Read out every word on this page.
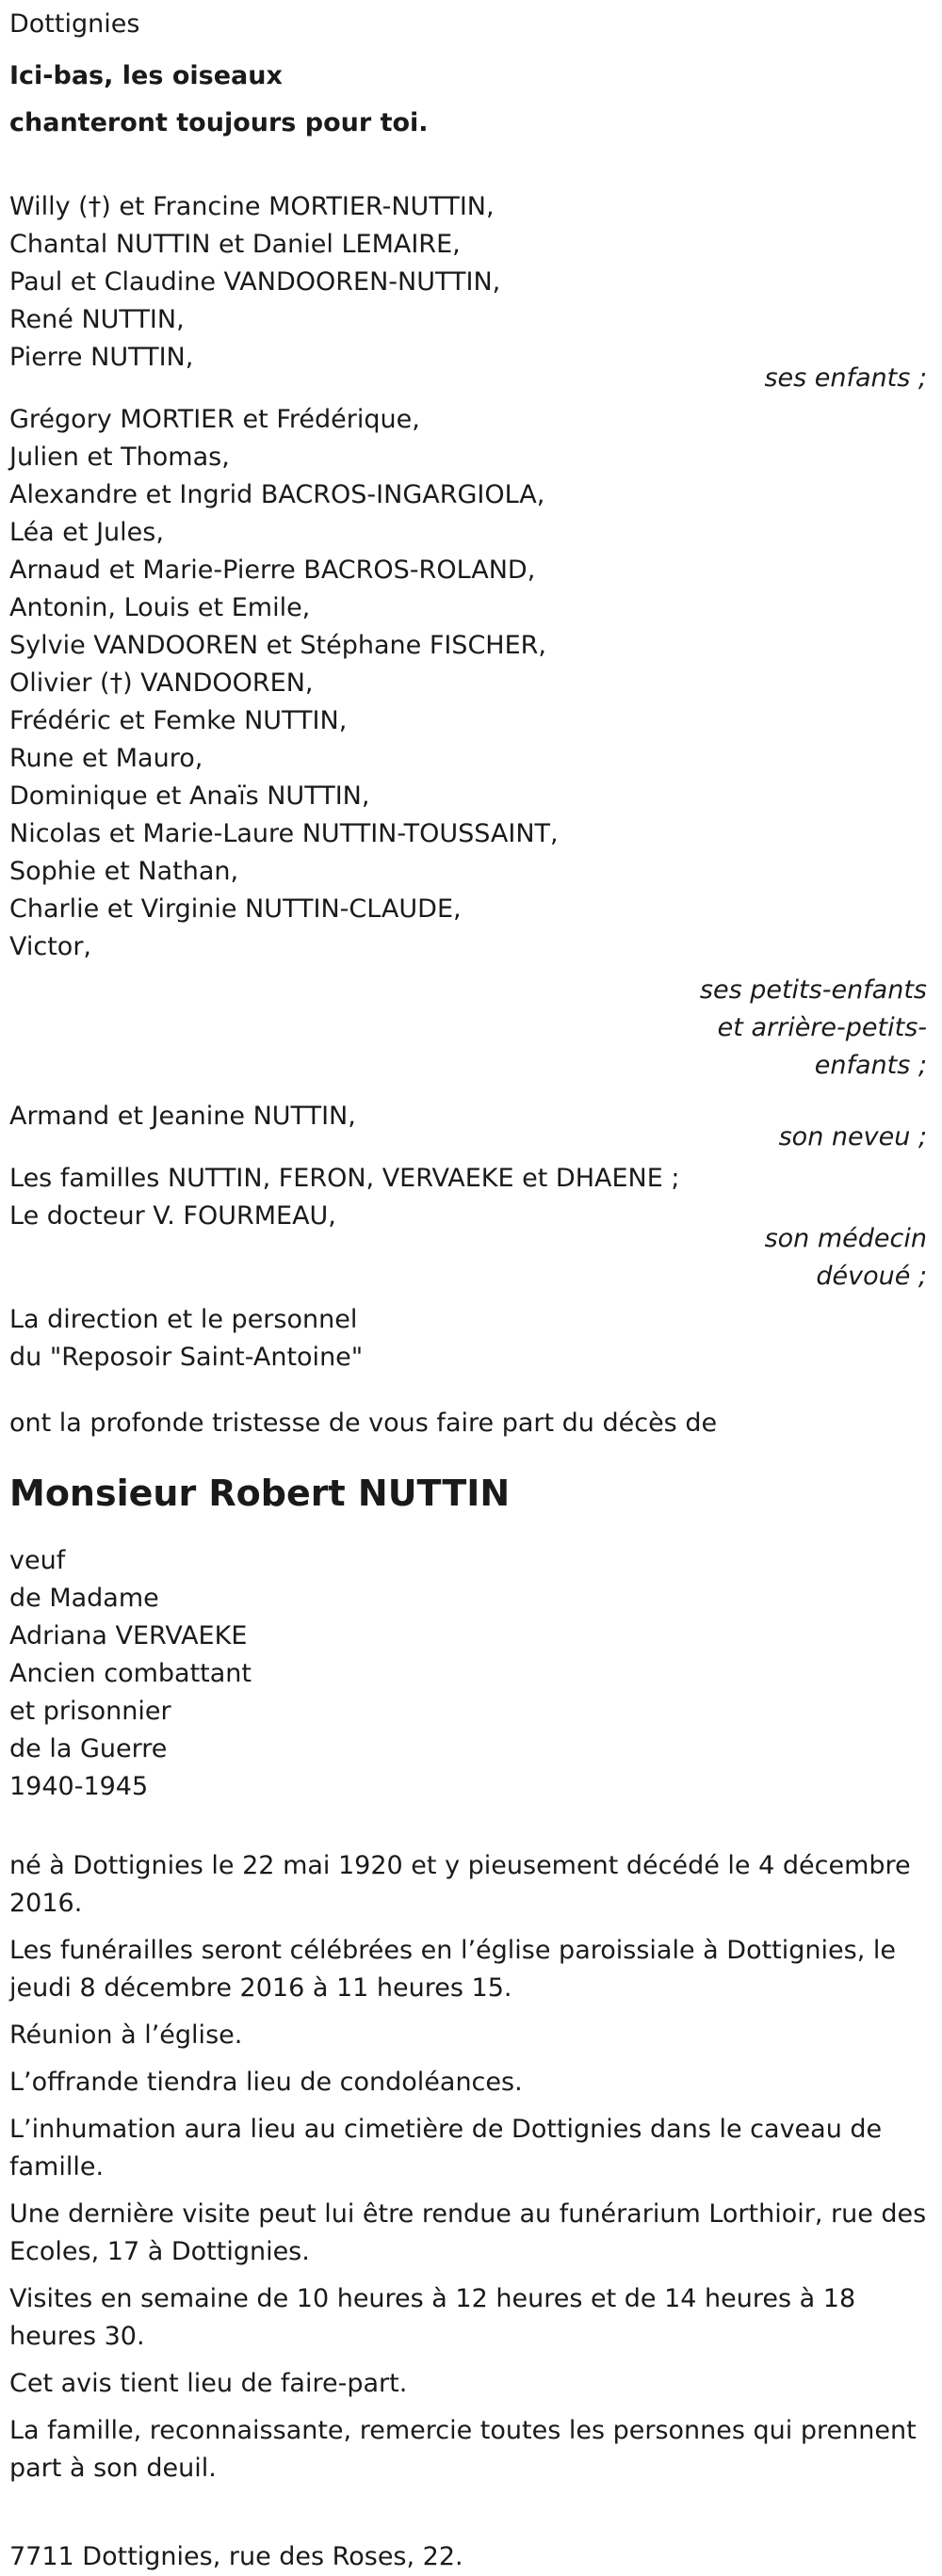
Dottignies
Ici-bas, les oiseaux
chanteront toujours pour toi.
Willy (†) et Francine MORTIER-NUTTIN,
Chantal NUTTIN et Daniel LEMAIRE,
Paul et Claudine VANDOOREN-NUTTIN,
René NUTTIN,
Pierre NUTTIN,
ses enfants ;
Grégory MORTIER et Frédérique,
Julien et Thomas,
Alexandre et Ingrid BACROS-INGARGIOLA,
Léa et Jules,
Arnaud et Marie-Pierre BACROS-ROLAND,
Antonin, Louis et Emile,
Sylvie VANDOOREN et Stéphane FISCHER,
Olivier (†) VANDOOREN,
Frédéric et Femke NUTTIN,
Rune et Mauro,
Dominique et Anaïs NUTTIN,
Nicolas et Marie-Laure NUTTIN-TOUSSAINT,
Sophie et Nathan,
Charlie et Virginie NUTTIN-CLAUDE,
Victor,
ses petits-enfants
et arrière-petits-
enfants ;
Armand et Jeanine NUTTIN,
son neveu ;
Les familles NUTTIN, FERON, VERVAEKE et DHAENE ;
Le docteur V. FOURMEAU,
son médecin
dévoué ;
La direction et le personnel
du "Reposoir Saint-Antoine"
ont la profonde tristesse de vous faire part du décès de
Monsieur Robert NUTTIN
veuf
de Madame
Adriana VERVAEKE
Ancien combattant
et prisonnier
de la Guerre
1940-1945
né à Dottignies le 22 mai 1920 et y pieusement décédé le 4 décembre 2016.
Les funérailles seront célébrées en l’église paroissiale à Dottignies, le jeudi 8 décembre 2016 à 11 heures 15.
Réunion à l’église.
L’offrande tiendra lieu de condoléances.
L’inhumation aura lieu au cimetière de Dottignies dans le caveau de famille.
Une dernière visite peut lui être rendue au funérarium Lorthioir, rue des Ecoles, 17 à Dottignies.
Visites en semaine de 10 heures à 12 heures et de 14 heures à 18 heures 30.
Cet avis tient lieu de faire-part.
La famille, reconnaissante, remercie toutes les personnes qui prennent part à son deuil.
7711 Dottignies, rue des Roses, 22.
